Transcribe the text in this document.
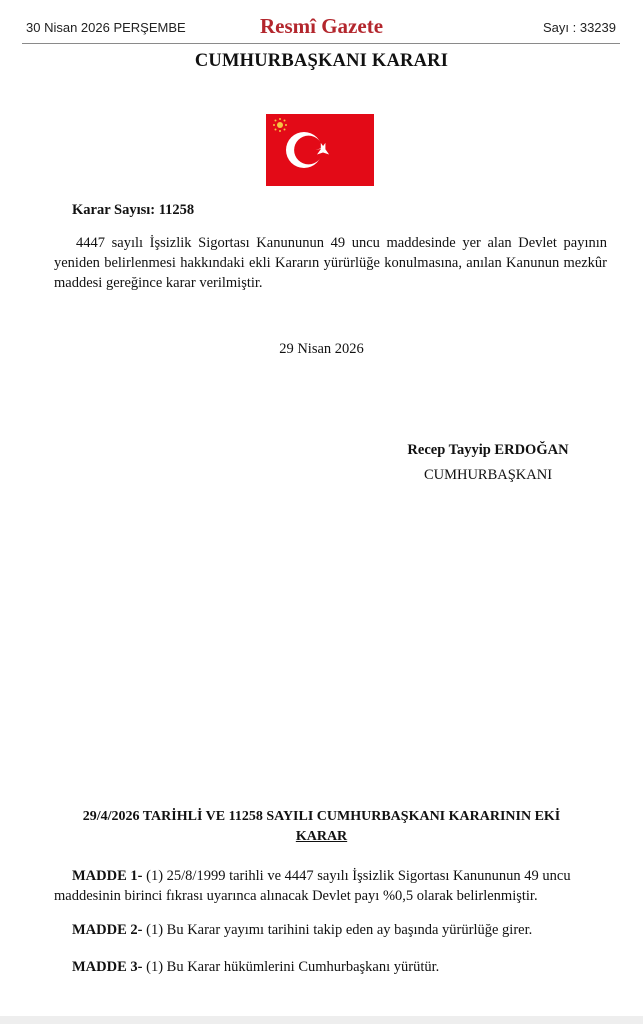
30 Nisan 2026 PERŞEMBE	Resmî Gazete	Sayı : 33239
CUMHURBAŞKANI KARARI
Karar Sayısı: 11258

4447 sayılı İşsizlik Sigortası Kanununun 49 uncu maddesinde yer alan Devlet payının yeniden belirlenmesi hakkındaki ekli Kararın yürürlüğe konulmasına, anılan Kanunun mezkûr maddesi gereğince karar verilmiştir.

29 Nisan 2026
Recep Tayyip ERDOĞAN
CUMHURBAŞKANI
29/4/2026 TARİHLİ VE 11258 SAYILI CUMHURBAŞKANI KARARININ EKİ
KARAR

MADDE 1- (1) 25/8/1999 tarihli ve 4447 sayılı İşsizlik Sigortası Kanununun 49 uncu maddesinin birinci fıkrası uyarınca alınacak Devlet payı %0,5 olarak belirlenmiştir.

MADDE 2- (1) Bu Karar yayımı tarihini takip eden ay başında yürürlüğe girer.

MADDE 3- (1) Bu Karar hükümlerini Cumhurbaşkanı yürütür.
